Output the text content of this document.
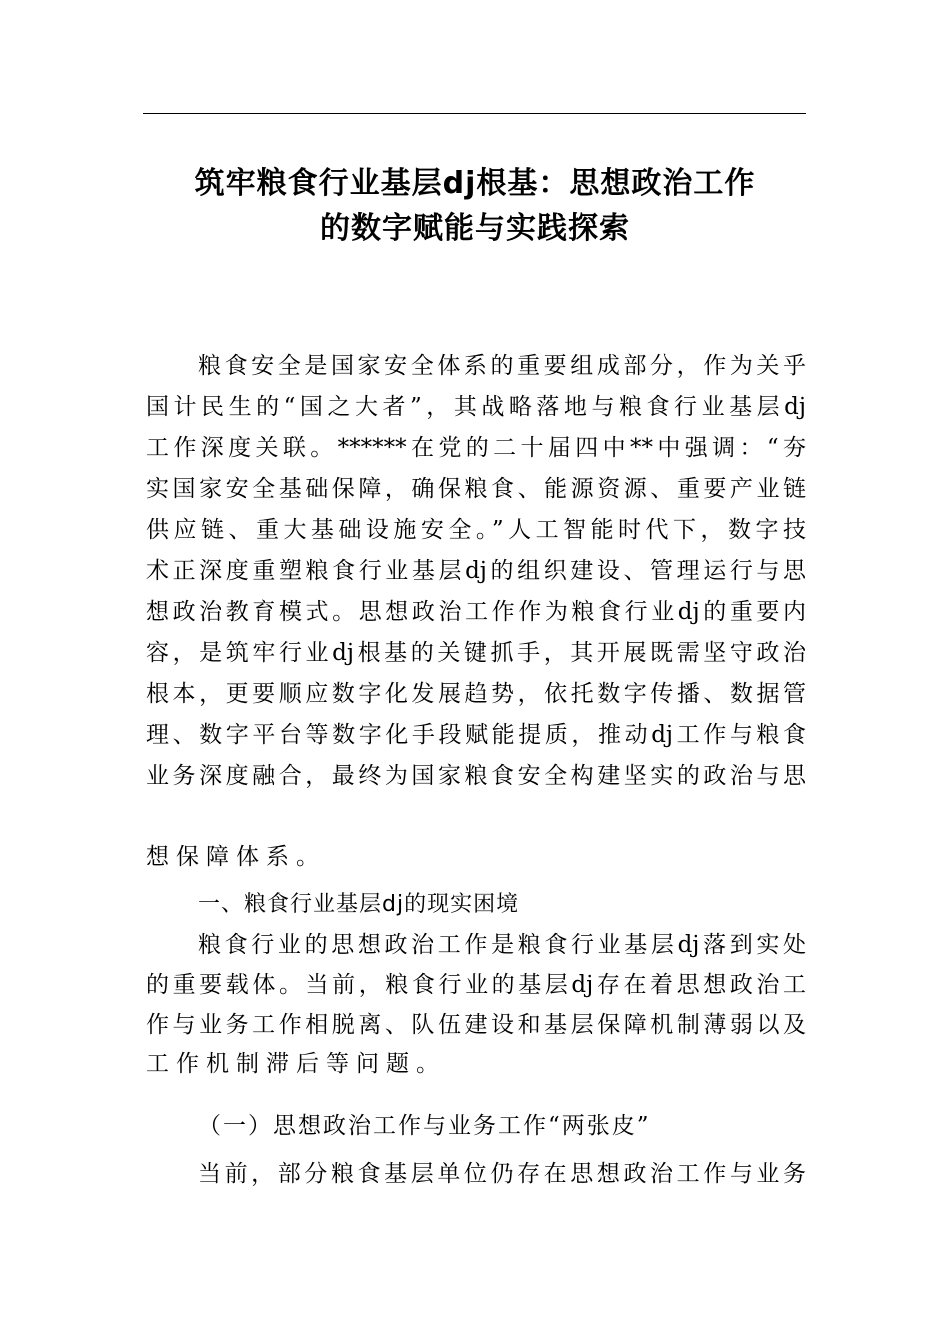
筑牢粮食行业基层dj根基：思想政治工作
的数字赋能与实践探索
粮食安全是国家安全体系的重要组成部分，作为关乎
国计民生的“国之大者”，其战略落地与粮食行业基层dj
工作深度关联。******在党的二十届四中**中强调：“夯
实国家安全基础保障，确保粮食、能源资源、重要产业链
供应链、重大基础设施安全。”人工智能时代下，数字技
术正深度重塑粮食行业基层dj的组织建设、管理运行与思
想政治教育模式。思想政治工作作为粮食行业dj的重要内
容，是筑牢行业dj根基的关键抓手，其开展既需坚守政治
根本，更要顺应数字化发展趋势，依托数字传播、数据管
理、数字平台等数字化手段赋能提质，推动dj工作与粮食
业务深度融合，最终为国家粮食安全构建坚实的政治与思
想保障体系。
一、粮食行业基层dj的现实困境
粮食行业的思想政治工作是粮食行业基层dj落到实处
的重要载体。当前，粮食行业的基层dj存在着思想政治工
作与业务工作相脱离、队伍建设和基层保障机制薄弱以及
工作机制滞后等问题。
（一）思想政治工作与业务工作“两张皮”
当前，部分粮食基层单位仍存在思想政治工作与业务
